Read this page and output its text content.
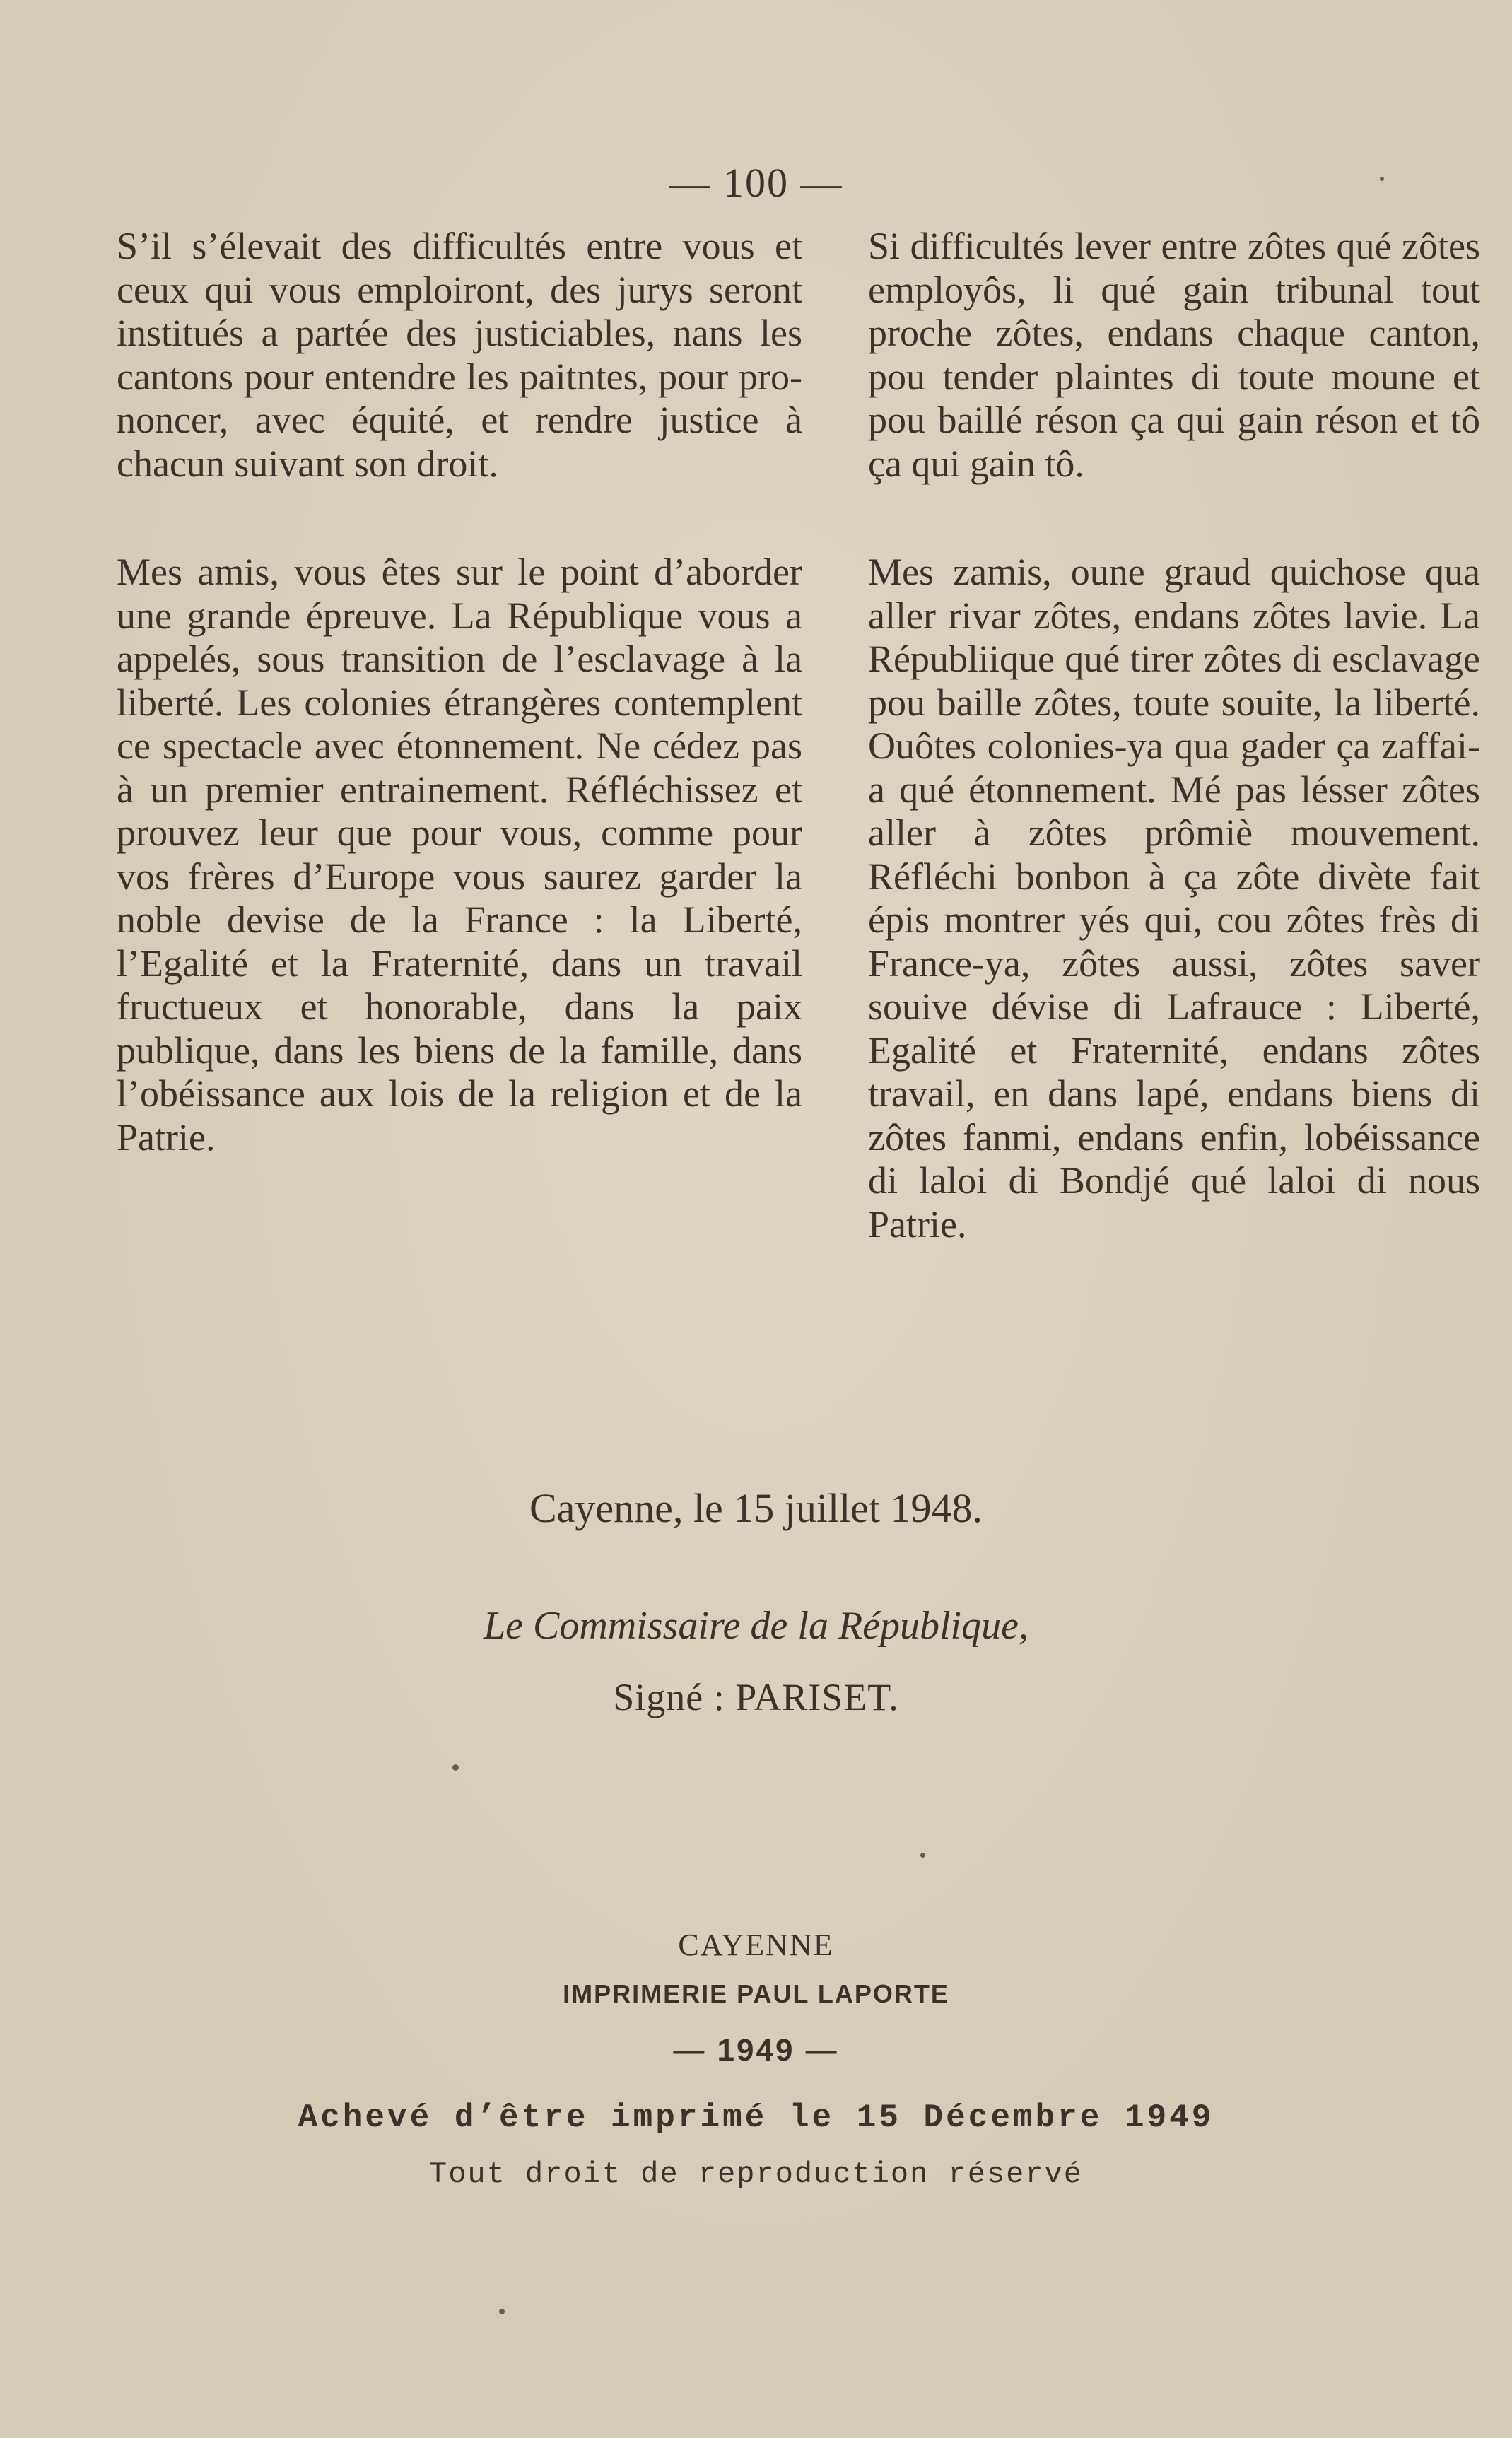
— 100 —

S’il s’élevait des difficultés entre vous et ceux qui vous emploiront, des jurys seront institués a partée des justiciables, nans les cantons pour entendre les paitntes, pour prononcer, avec équité, et rendre justice à chacun suivant son droit.

Mes amis, vous êtes sur le point d’aborder une grande épreuve. La République vous a appelés, sous transition de l’esclavage à la liberté. Les colonies étrangères contemplent ce spectacle avec étonnement. Ne cédez pas à un premier entrainement. Réfléchissez et prouvez leur que pour vous, comme pour vos frères d’Europe vous saurez garder la noble devise de la France : la Liberté, l’Egalité et la Fraternité, dans un travail fructueux et honorable, dans la paix publique, dans les biens de la famille, dans l’obéissance aux lois de la religion et de la Patrie.

Si difficultés lever entre zôtes qué zôtes employôs, li qué gain tribunal tout proche zôtes, endans chaque canton, pou tender plaintes di toute moune et pou baillé réson ça qui gain réson et tô ça qui gain tô.

Mes zamis, oune graud quichose qua aller rivar zôtes, endans zôtes lavie. La Républiique qué tirer zôtes di esclavage pou baille zôtes, toute souite, la liberté. Ouôtes colonies-ya qua gader ça zaffai-a qué étonnement. Mé pas lésser zôtes aller à zôtes prômiè mouvement. Réfléchi bonbon à ça zôte divète fait épis montrer yés qui, cou zôtes frès di France-ya, zôtes aussi, zôtes saver souive dévise di Lafrauce : Liberté, Egalité et Fraternité, endans zôtes travail, en dans lapé, endans biens di zôtes fanmi, endans enfin, lobéissance di laloi di Bondjé qué laloi di nous Patrie.

Cayenne, le 15 juillet 1948.
Le Commissaire de la République,
Signé : PARISET.
CAYENNE
IMPRIMERIE PAUL LAPORTE
— 1949 —
Achevé d’être imprimé le 15 Décembre 1949
Tout droit de reproduction réservé
